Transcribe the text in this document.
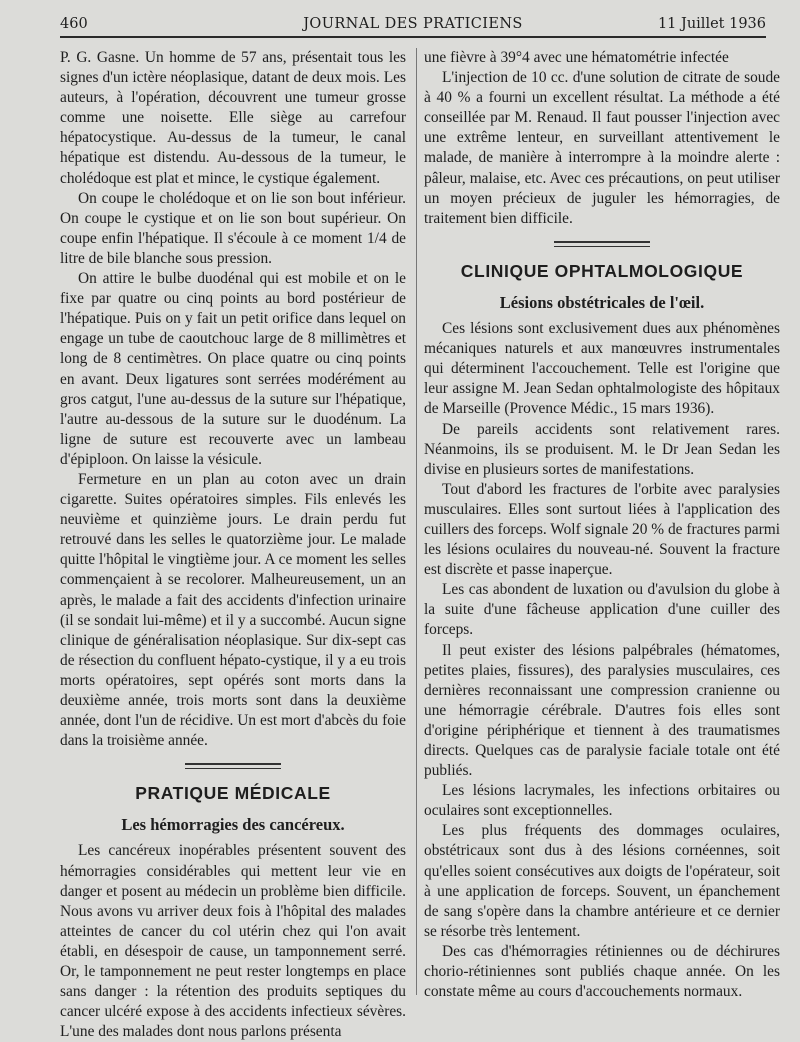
460	JOURNAL DES PRATICIENS	11 Juillet 1936

P. G. Gasne. Un homme de 57 ans, présentait tous les signes d'un ictère néoplasique, datant de deux mois. Les auteurs, à l'opération, découvrent une tumeur grosse comme une noisette. Elle siège au carrefour hépatocystique. Au-dessus de la tumeur, le canal hépatique est distendu. Au-dessous de la tumeur, le cholédoque est plat et mince, le cystique également.

On coupe le cholédoque et on lie son bout inférieur. On coupe le cystique et on lie son bout supérieur. On coupe enfin l'hépatique. Il s'écoule à ce moment 1/4 de litre de bile blanche sous pression.

On attire le bulbe duodénal qui est mobile et on le fixe par quatre ou cinq points au bord postérieur de l'hépatique. Puis on y fait un petit orifice dans lequel on engage un tube de caoutchouc large de 8 millimètres et long de 8 centimètres. On place quatre ou cinq points en avant. Deux ligatures sont serrées modérément au gros catgut, l'une au-dessus de la suture sur l'hépatique, l'autre au-dessous de la suture sur le duodénum. La ligne de suture est recouverte avec un lambeau d'épiploon. On laisse la vésicule.

Fermeture en un plan au coton avec un drain cigarette. Suites opératoires simples. Fils enlevés les neuvième et quinzième jours. Le drain perdu fut retrouvé dans les selles le quatorzième jour. Le malade quitte l'hôpital le vingtième jour. A ce moment les selles commençaient à se recolorer. Malheureusement, un an après, le malade a fait des accidents d'infection urinaire (il se sondait lui-même) et il y a succombé. Aucun signe clinique de généralisation néoplasique. Sur dix-sept cas de résection du confluent hépato-cystique, il y a eu trois morts opératoires, sept opérés sont morts dans la deuxième année, trois morts sont dans la deuxième année, dont l'un de récidive. Un est mort d'abcès du foie dans la troisième année.

PRATIQUE MÉDICALE
Les hémorragies des cancéreux.

Les cancéreux inopérables présentent souvent des hémorragies considérables qui mettent leur vie en danger et posent au médecin un problème bien difficile. Nous avons vu arriver deux fois à l'hôpital des malades atteintes de cancer du col utérin chez qui l'on avait établi, en désespoir de cause, un tamponnement serré. Or, le tamponnement ne peut rester longtemps en place sans danger : la rétention des produits septiques du cancer ulcéré expose à des accidents infectieux sévères. L'une des malades dont nous parlons présenta

une fièvre à 39°4 avec une hématométrie infectée

L'injection de 10 cc. d'une solution de citrate de soude à 40 % a fourni un excellent résultat. La méthode a été conseillée par M. Renaud. Il faut pousser l'injection avec une extrême lenteur, en surveillant attentivement le malade, de manière à interrompre à la moindre alerte : pâleur, malaise, etc. Avec ces précautions, on peut utiliser un moyen précieux de juguler les hémorragies, de traitement bien difficile.

CLINIQUE OPHTALMOLOGIQUE
Lésions obstétricales de l'œil.

Ces lésions sont exclusivement dues aux phénomènes mécaniques naturels et aux manœuvres instrumentales qui déterminent l'accouchement. Telle est l'origine que leur assigne M. Jean Sedan ophtalmologiste des hôpitaux de Marseille (Provence Médic., 15 mars 1936).

De pareils accidents sont relativement rares. Néanmoins, ils se produisent. M. le Dr Jean Sedan les divise en plusieurs sortes de manifestations.

Tout d'abord les fractures de l'orbite avec paralysies musculaires. Elles sont surtout liées à l'application des cuillers des forceps. Wolf signale 20 % de fractures parmi les lésions oculaires du nouveau-né. Souvent la fracture est discrète et passe inaperçue.

Les cas abondent de luxation ou d'avulsion du globe à la suite d'une fâcheuse application d'une cuiller des forceps.

Il peut exister des lésions palpébrales (hématomes, petites plaies, fissures), des paralysies musculaires, ces dernières reconnaissant une compression cranienne ou une hémorragie cérébrale. D'autres fois elles sont d'origine périphérique et tiennent à des traumatismes directs. Quelques cas de paralysie faciale totale ont été publiés.

Les lésions lacrymales, les infections orbitaires ou oculaires sont exceptionnelles.

Les plus fréquents des dommages oculaires, obstétricaux sont dus à des lésions cornéennes, soit qu'elles soient consécutives aux doigts de l'opérateur, soit à une application de forceps. Souvent, un épanchement de sang s'opère dans la chambre antérieure et ce dernier se résorbe très lentement.

Des cas d'hémorragies rétiniennes ou de déchirures chorio-rétiniennes sont publiés chaque année. On les constate même au cours d'accouchements normaux.
